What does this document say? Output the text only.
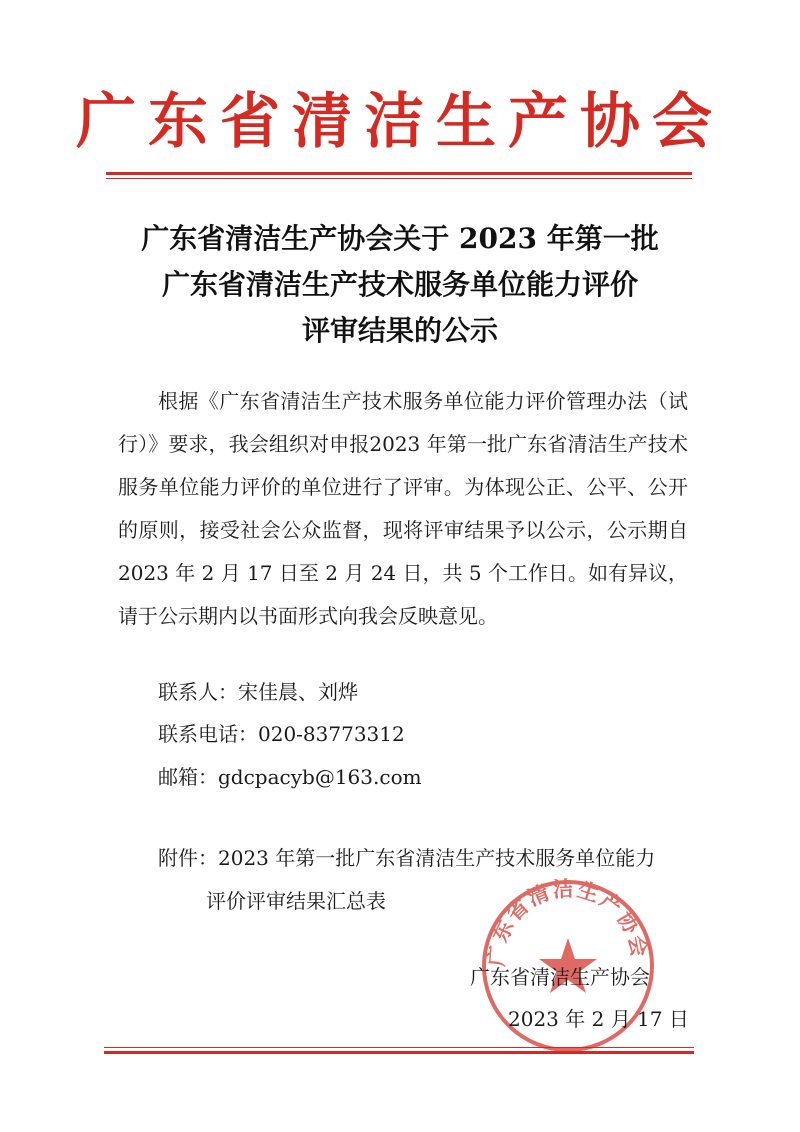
广东省清洁生产协会
广东省清洁生产协会关于 2023 年第一批
广东省清洁生产技术服务单位能力评价
评审结果的公示

根据《广东省清洁生产技术服务单位能力评价管理办法（试行）》要求，我会组织对申报2023 年第一批广东省清洁生产技术服务单位能力评价的单位进行了评审。为体现公正、公平、公开的原则，接受社会公众监督，现将评审结果予以公示，公示期自 2023 年 2 月 17 日至 2 月 24 日，共 5 个工作日。如有异议，请于公示期内以书面形式向我会反映意见。

联系人：宋佳晨、刘烨
联系电话：020-83773312
邮箱：gdcpacyb@163.com
附件：2023 年第一批广东省清洁生产技术服务单位能力
评价评审结果汇总表
广东省清洁生产协会
广东省清洁生产协会
2023 年 2 月 17 日
